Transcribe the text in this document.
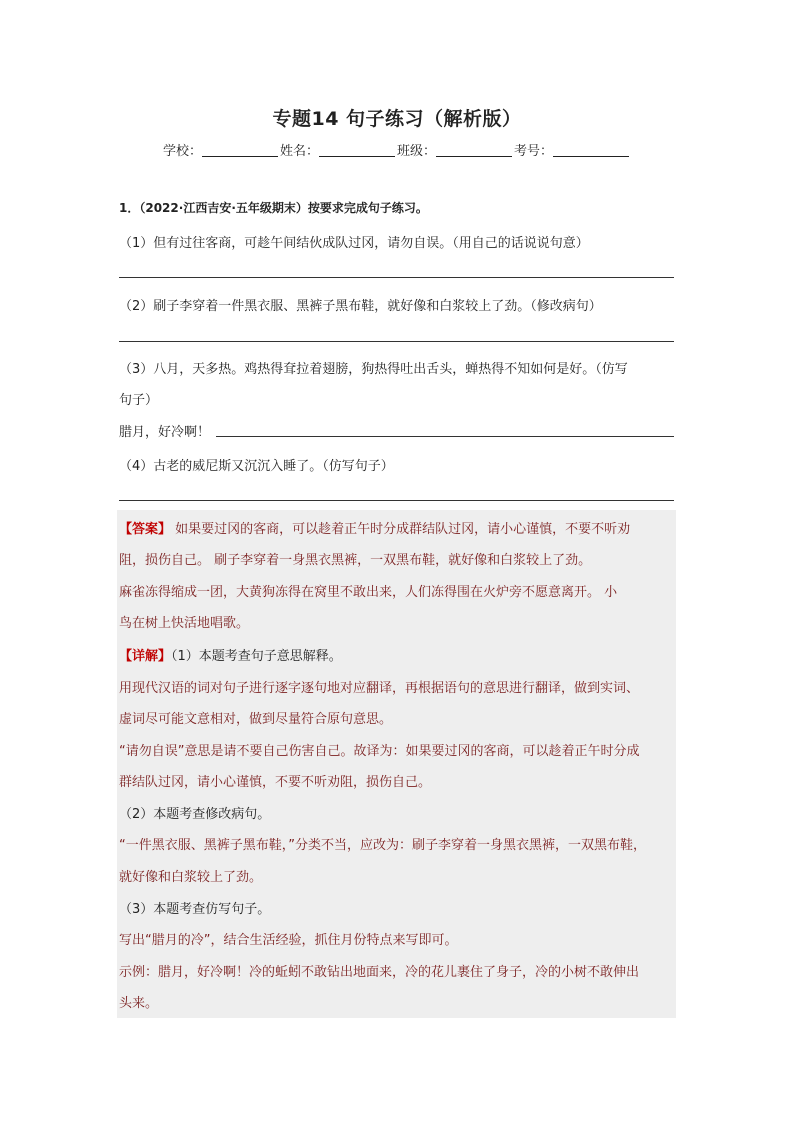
专题14 句子练习（解析版）
学校：	姓名：	班级：	考号：
1．（2022·江西吉安·五年级期末）按要求完成句子练习。
（1）但有过往客商，可趁午间结伙成队过冈，请勿自误。（用自己的话说说句意）
（2）刷子李穿着一件黑衣服、黑裤子黑布鞋，就好像和白浆较上了劲。（修改病句）
（3）八月，天多热。鸡热得耷拉着翅膀，狗热得吐出舌头，蝉热得不知如何是好。（仿写
句子）
腊月，好冷啊！
（4）古老的威尼斯又沉沉入睡了。（仿写句子）
【答案】 如果要过冈的客商，可以趁着正午时分成群结队过冈，请小心谨慎，不要不听劝
阻，损伤自己。 刷子李穿着一身黑衣黑裤，一双黑布鞋，就好像和白浆较上了劲。
麻雀冻得缩成一团，大黄狗冻得在窝里不敢出来，人们冻得围在火炉旁不愿意离开。 小
鸟在树上快活地唱歌。
【详解】（1）本题考查句子意思解释。
用现代汉语的词对句子进行逐字逐句地对应翻译，再根据语句的意思进行翻译，做到实词、
虚词尽可能文意相对，做到尽量符合原句意思。
“请勿自误”意思是请不要自己伤害自己。故译为：如果要过冈的客商，可以趁着正午时分成
群结队过冈，请小心谨慎，不要不听劝阻，损伤自己。
（2）本题考查修改病句。
“一件黑衣服、黑裤子黑布鞋，”分类不当，应改为：刷子李穿着一身黑衣黑裤，一双黑布鞋，
就好像和白浆较上了劲。
（3）本题考查仿写句子。
写出“腊月的冷”，结合生活经验，抓住月份特点来写即可。
示例：腊月，好冷啊！冷的蚯蚓不敢钻出地面来，冷的花儿裹住了身子，冷的小树不敢伸出
头来。
